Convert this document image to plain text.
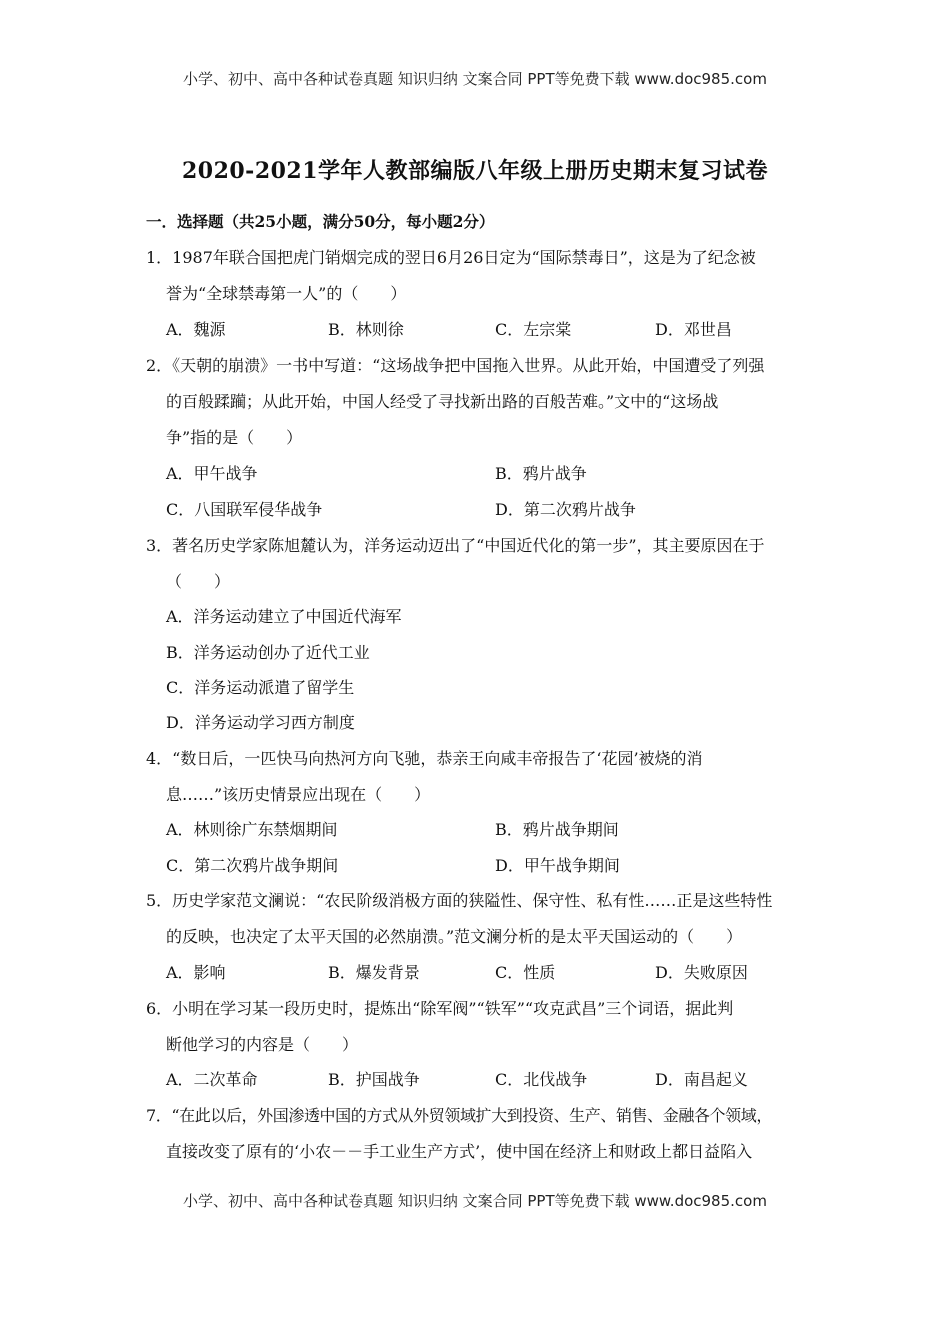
小学、初中、高中各种试卷真题 知识归纳 文案合同 PPT等免费下载 www.doc985.com
2020-2021学年人教部编版八年级上册历史期末复习试卷
一．选择题（共25小题，满分50分，每小题2分）
1．1987年联合国把虎门销烟完成的翌日6月26日定为“国际禁毒日”，这是为了纪念被
誉为“全球禁毒第一人”的（　　）
A．魏源	B．林则徐	C．左宗棠	D．邓世昌
2．《天朝的崩溃》一书中写道：“这场战争把中国拖入世界。从此开始，中国遭受了列强
的百般蹂躏；从此开始，中国人经受了寻找新出路的百般苦难。”文中的“这场战
争”指的是（　　）
A．甲午战争	B．鸦片战争
C．八国联军侵华战争	D．第二次鸦片战争
3．著名历史学家陈旭麓认为，洋务运动迈出了“中国近代化的第一步”，其主要原因在于
（　　）
A．洋务运动建立了中国近代海军
B．洋务运动创办了近代工业
C．洋务运动派遣了留学生
D．洋务运动学习西方制度
4．“数日后，一匹快马向热河方向飞驰，恭亲王向咸丰帝报告了‘花园’被烧的消
息……”该历史情景应出现在（　　）
A．林则徐广东禁烟期间	B．鸦片战争期间
C．第二次鸦片战争期间	D．甲午战争期间
5．历史学家范文澜说：“农民阶级消极方面的狭隘性、保守性、私有性……正是这些特性
的反映，也决定了太平天国的必然崩溃。”范文澜分析的是太平天国运动的（　　）
A．影响	B．爆发背景	C．性质	D．失败原因
6．小明在学习某一段历史时，提炼出“除军阀”“铁军”“攻克武昌”三个词语，据此判
断他学习的内容是（　　）
A．二次革命	B．护国战争	C．北伐战争	D．南昌起义
7．“在此以后，外国渗透中国的方式从外贸领域扩大到投资、生产、销售、金融各个领域，
直接改变了原有的‘小农－－手工业生产方式’，使中国在经济上和财政上都日益陷入
小学、初中、高中各种试卷真题 知识归纳 文案合同 PPT等免费下载 www.doc985.com
